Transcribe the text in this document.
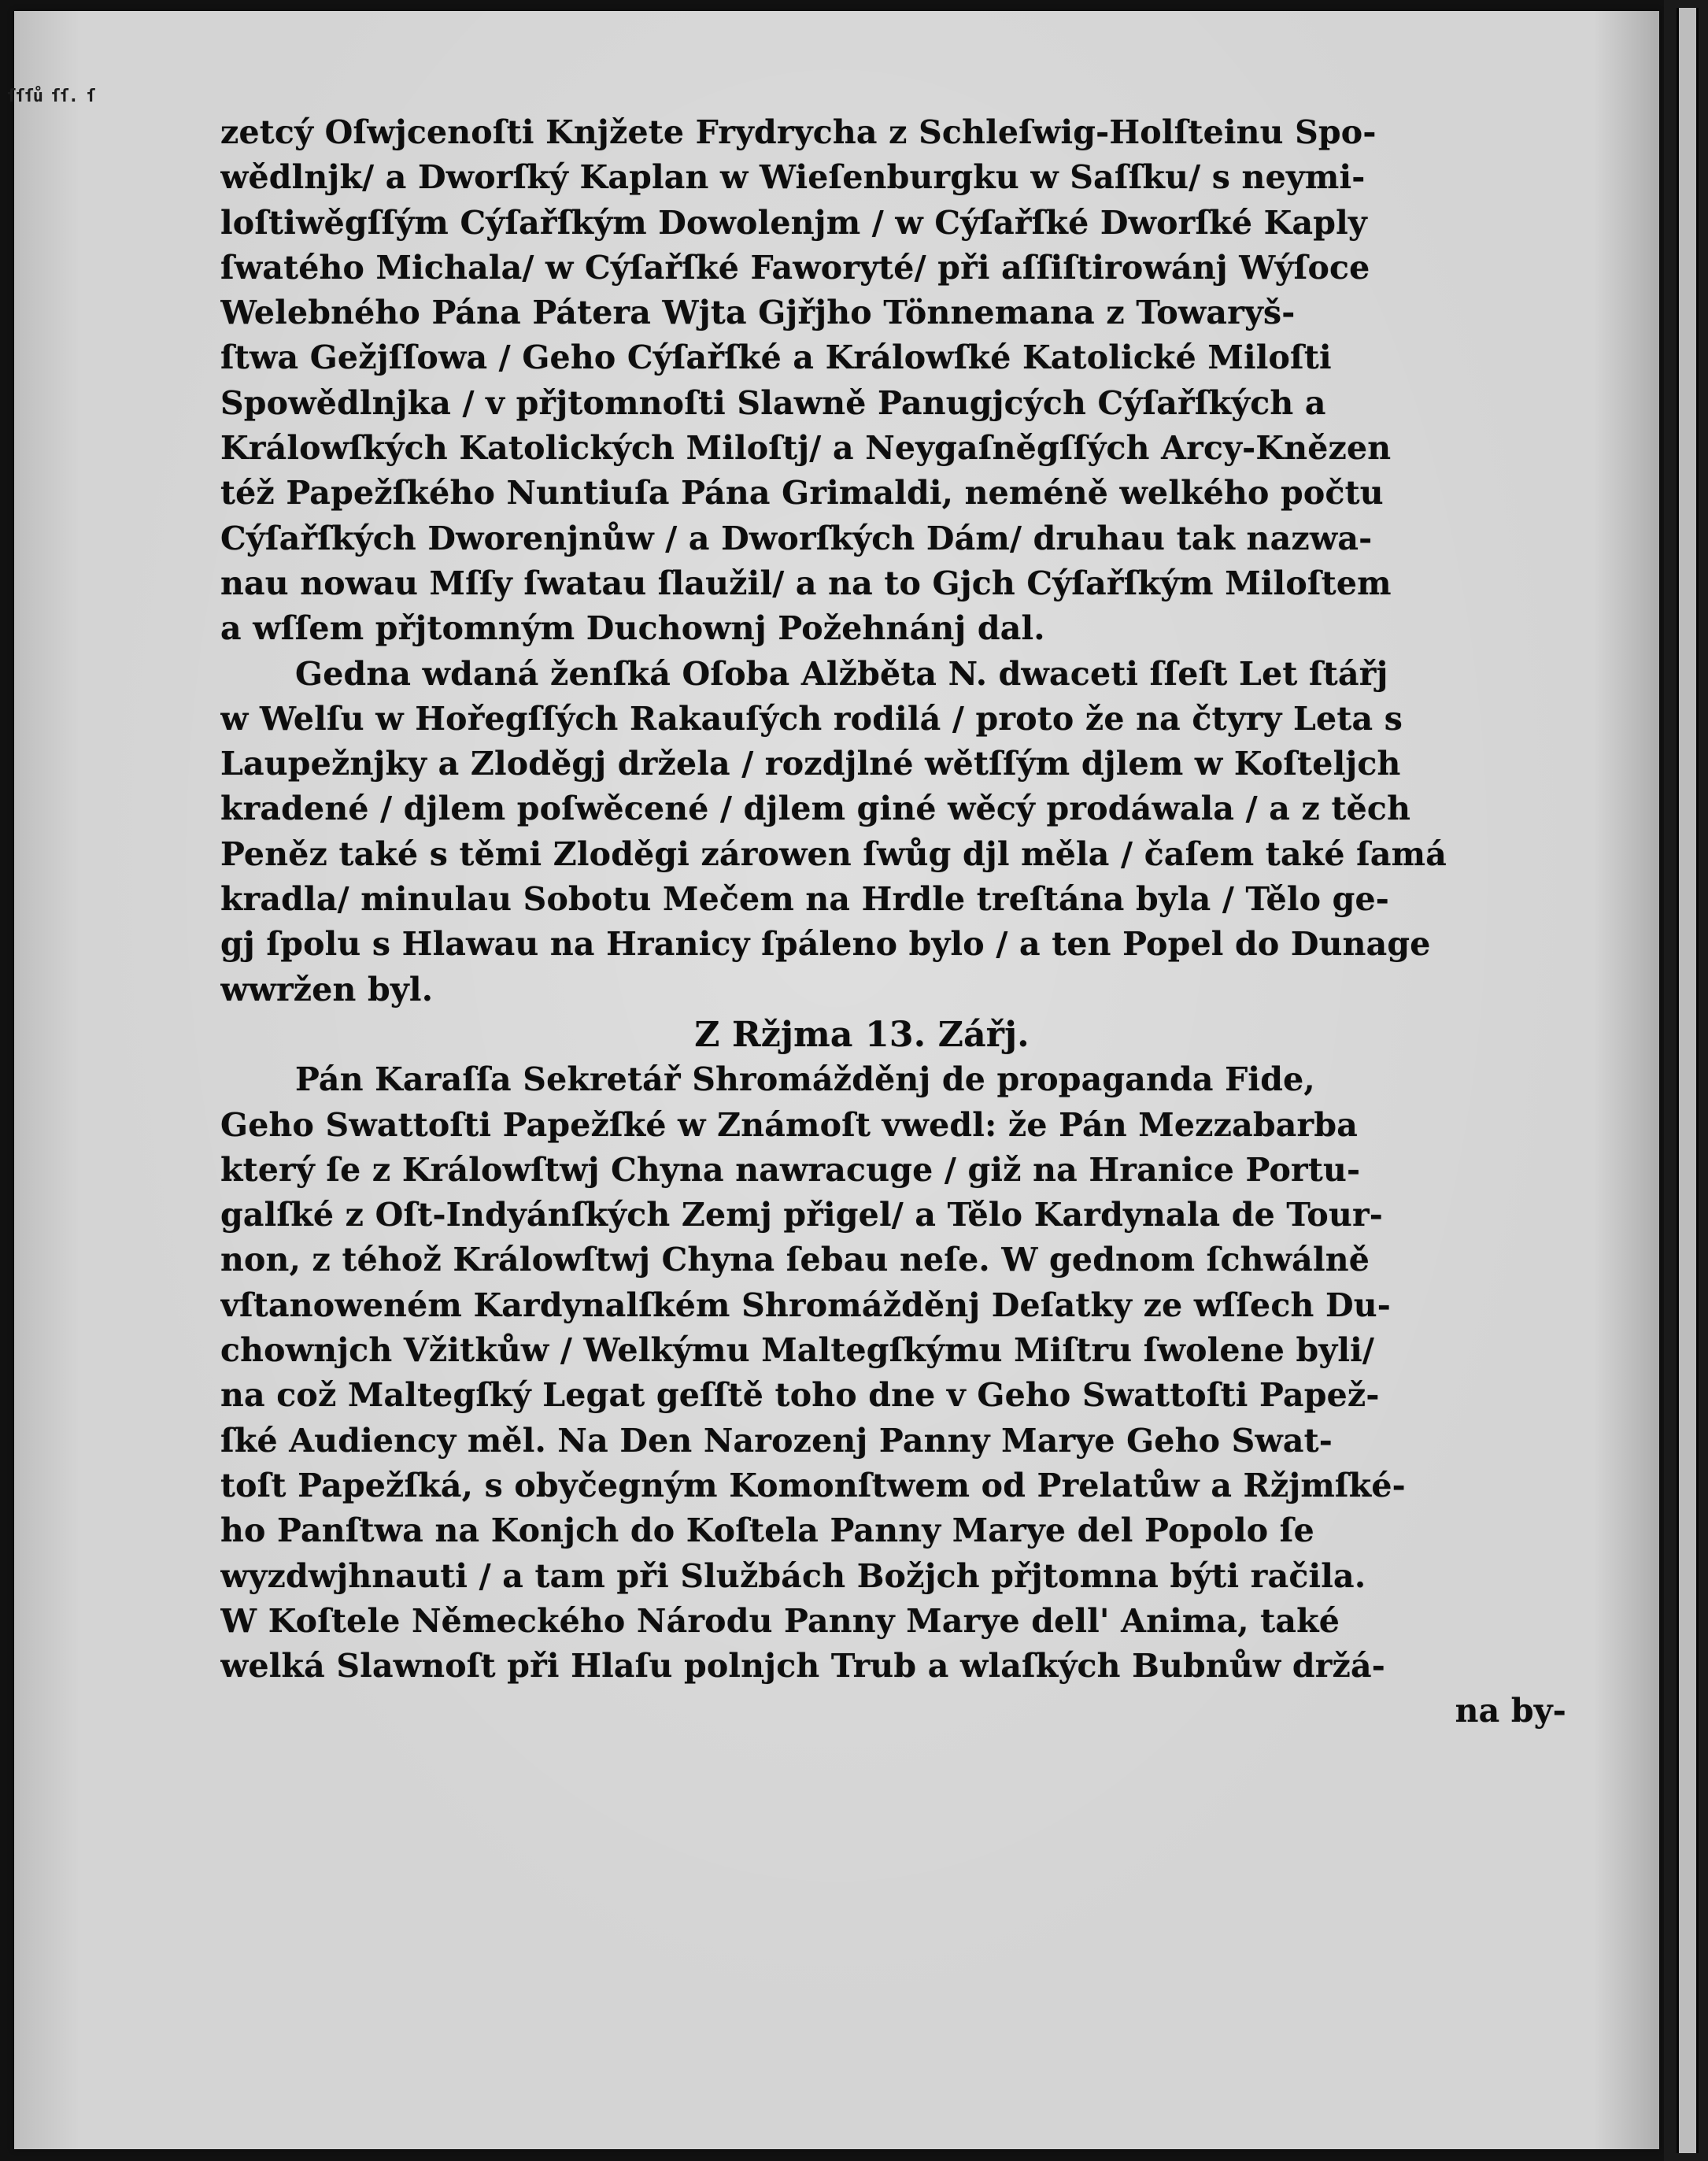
ſſſů ſſ. ſ
zetcý Oſwjcenoſti Knjžete Frydrycha z Schleſwig-Holſteinu Spo-
wědlnjk/ a Dworſký Kaplan w Wieſenburgku w Saſſku/ s neymi-
loſtiwěgſſým Cýſařſkým Dowolenjm / w Cýſařſké Dworſké Kaply
ſwatého Michala/ w Cýſařſké Faworyté/ při aſſiſtirowánj Wýſoce
Welebného Pána Pátera Wjta Gjřjho Tönnemana z Towaryš-
ſtwa Gežjſſowa / Geho Cýſařſké a Králowſké Katolické Miloſti
Spowědlnjka / v přjtomnoſti Slawně Panugjcých Cýſařſkých a
Králowſkých Katolických Miloſtj/ a Neygaſněgſſých Arcy-Knězen
též Papežſkého Nuntiuſa Pána Grimaldi, neméně welkého počtu
Cýſařſkých Dworenjnůw / a Dworſkých Dám/ druhau tak nazwa-
nau nowau Mſſy ſwatau ſlaužil/ a na to Gjch Cýſařſkým Miloſtem
a wſſem přjtomným Duchownj Požehnánj dal.
Gedna wdaná ženſká Oſoba Alžběta N. dwaceti ſſeſt Let ſtářj
w Welſu w Hořegſſých Rakauſých rodilá / proto že na čtyry Leta s
Laupežnjky a Zloděgj držela / rozdjlné wětſſým djlem w Koſteljch
kradené / djlem poſwěcené / djlem giné wěcý prodáwala / a z těch
Peněz také s těmi Zloděgi zárowen ſwůg djl měla / čaſem také ſamá
kradla/ minulau Sobotu Mečem na Hrdle treſtána byla / Tělo ge-
gj ſpolu s Hlawau na Hranicy ſpáleno bylo / a ten Popel do Dunage
wwržen byl.
Z Ržjma 13. Zářj.
Pán Karaſſa Sekretář Shromážděnj de propaganda Fide,
Geho Swattoſti Papežſké w Známoſt vwedl: že Pán Mezzabarba
který ſe z Králowſtwj Chyna nawracuge / giž na Hranice Portu-
galſké z Oſt-Indyánſkých Zemj přigel/ a Tělo Kardynala de Tour-
non, z téhož Králowſtwj Chyna ſebau neſe. W gednom ſchwálně
vſtanoweném Kardynalſkém Shromážděnj Deſatky ze wſſech Du-
chownjch Vžitkůw / Welkýmu Maltegſkýmu Miſtru ſwolene byli/
na což Maltegſký Legat geſſtě toho dne v Geho Swattoſti Papež-
ſké Audiency měl. Na Den Narozenj Panny Marye Geho Swat-
toſt Papežſká, s obyčegným Komonſtwem od Prelatůw a Ržjmſké-
ho Panſtwa na Konjch do Koſtela Panny Marye del Popolo ſe
wyzdwjhnauti / a tam při Službách Božjch přjtomna býti račila.
W Koſtele Německého Národu Panny Marye dell' Anima, také
welká Slawnoſt při Hlaſu polnjch Trub a wlaſkých Bubnůw držá-
na by-
